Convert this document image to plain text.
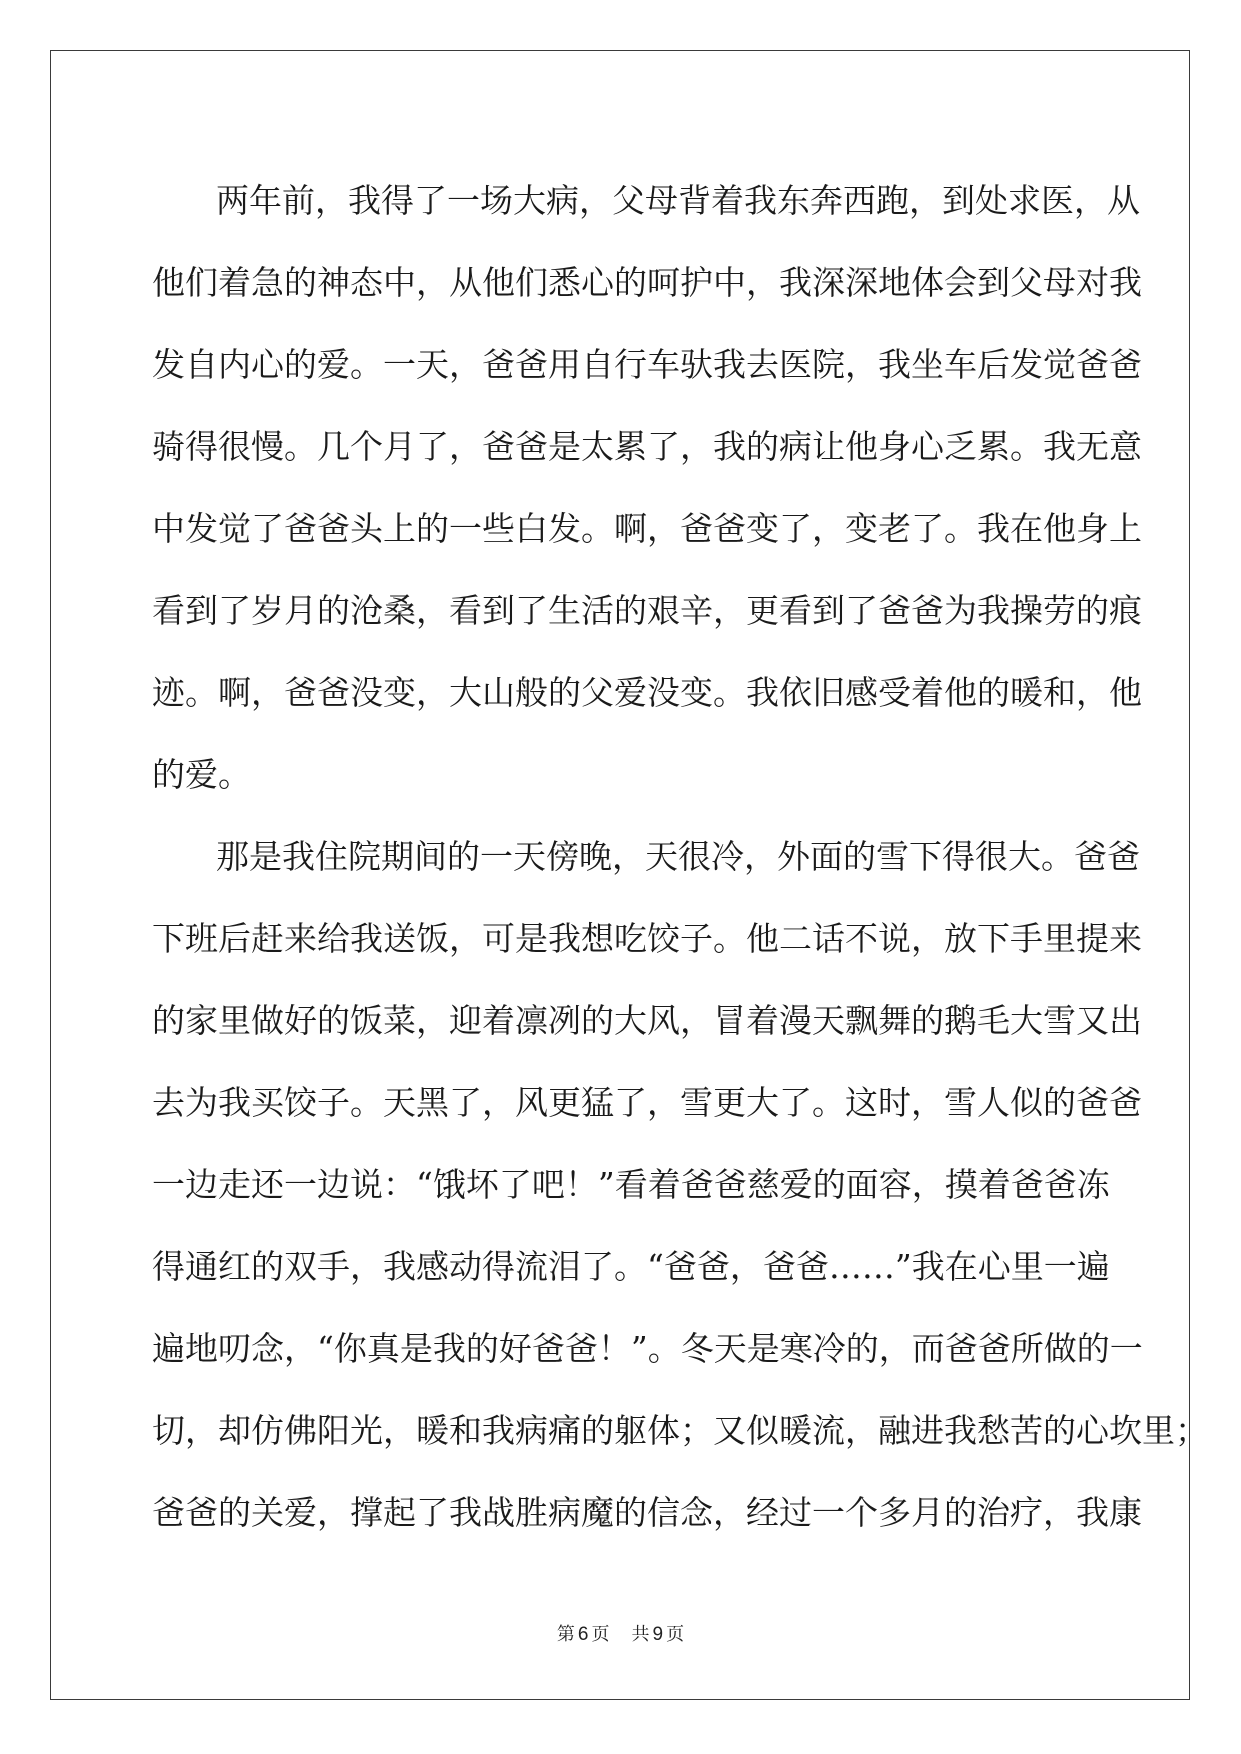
两年前，我得了一场大病，父母背着我东奔西跑，到处求医，从
他们着急的神态中，从他们悉心的呵护中，我深深地体会到父母对我
发自内心的爱。一天，爸爸用自行车驮我去医院，我坐车后发觉爸爸
骑得很慢。几个月了，爸爸是太累了，我的病让他身心乏累。我无意
中发觉了爸爸头上的一些白发。啊，爸爸变了，变老了。我在他身上
看到了岁月的沧桑，看到了生活的艰辛，更看到了爸爸为我操劳的痕
迹。啊，爸爸没变，大山般的父爱没变。我依旧感受着他的暖和，他
的爱。
那是我住院期间的一天傍晚，天很冷，外面的雪下得很大。爸爸
下班后赶来给我送饭，可是我想吃饺子。他二话不说，放下手里提来
的家里做好的饭菜，迎着凛冽的大风，冒着漫天飘舞的鹅毛大雪又出
去为我买饺子。天黑了，风更猛了，雪更大了。这时，雪人似的爸爸
一边走还一边说：“饿坏了吧！”看着爸爸慈爱的面容，摸着爸爸冻
得通红的双手，我感动得流泪了。“爸爸，爸爸……”我在心里一遍
遍地叨念，“你真是我的好爸爸！”。冬天是寒冷的，而爸爸所做的一
切，却仿佛阳光，暖和我病痛的躯体；又似暖流，融进我愁苦的心坎里；
爸爸的关爱，撑起了我战胜病魔的信念，经过一个多月的治疗，我康
第 6 页 共 9 页
